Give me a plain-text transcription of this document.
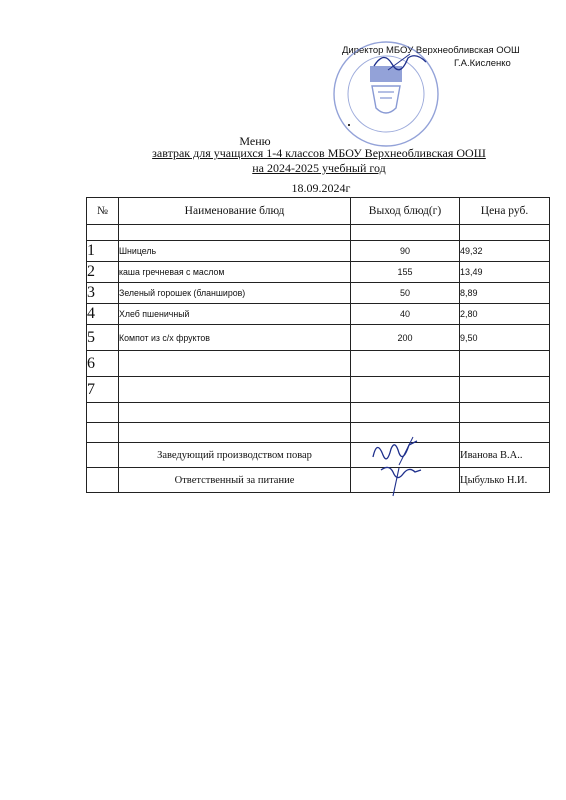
Директор МБОУ Верхнеобливская ООШ
Г.А.Кисленко
Меню
завтрак для учащихся 1-4 классов МБОУ Верхнеобливская ООШ
на 2024-2025 учебный год
18.09.2024г
№	Наименование блюд	Выход блюд(г)	Цена руб.

1	Шницель	90	49,32
2	каша гречневая с маслом	155	13,49
3	Зеленый горошек (бланширов)	50	8,89
4	Хлеб пшеничный	40	2,80
5	Компот из с/х фруктов	200	9,50
6			
7			

	Заведующий производством повар		Иванова В.А..
	Ответственный за питание		Цыбулько Н.И.
